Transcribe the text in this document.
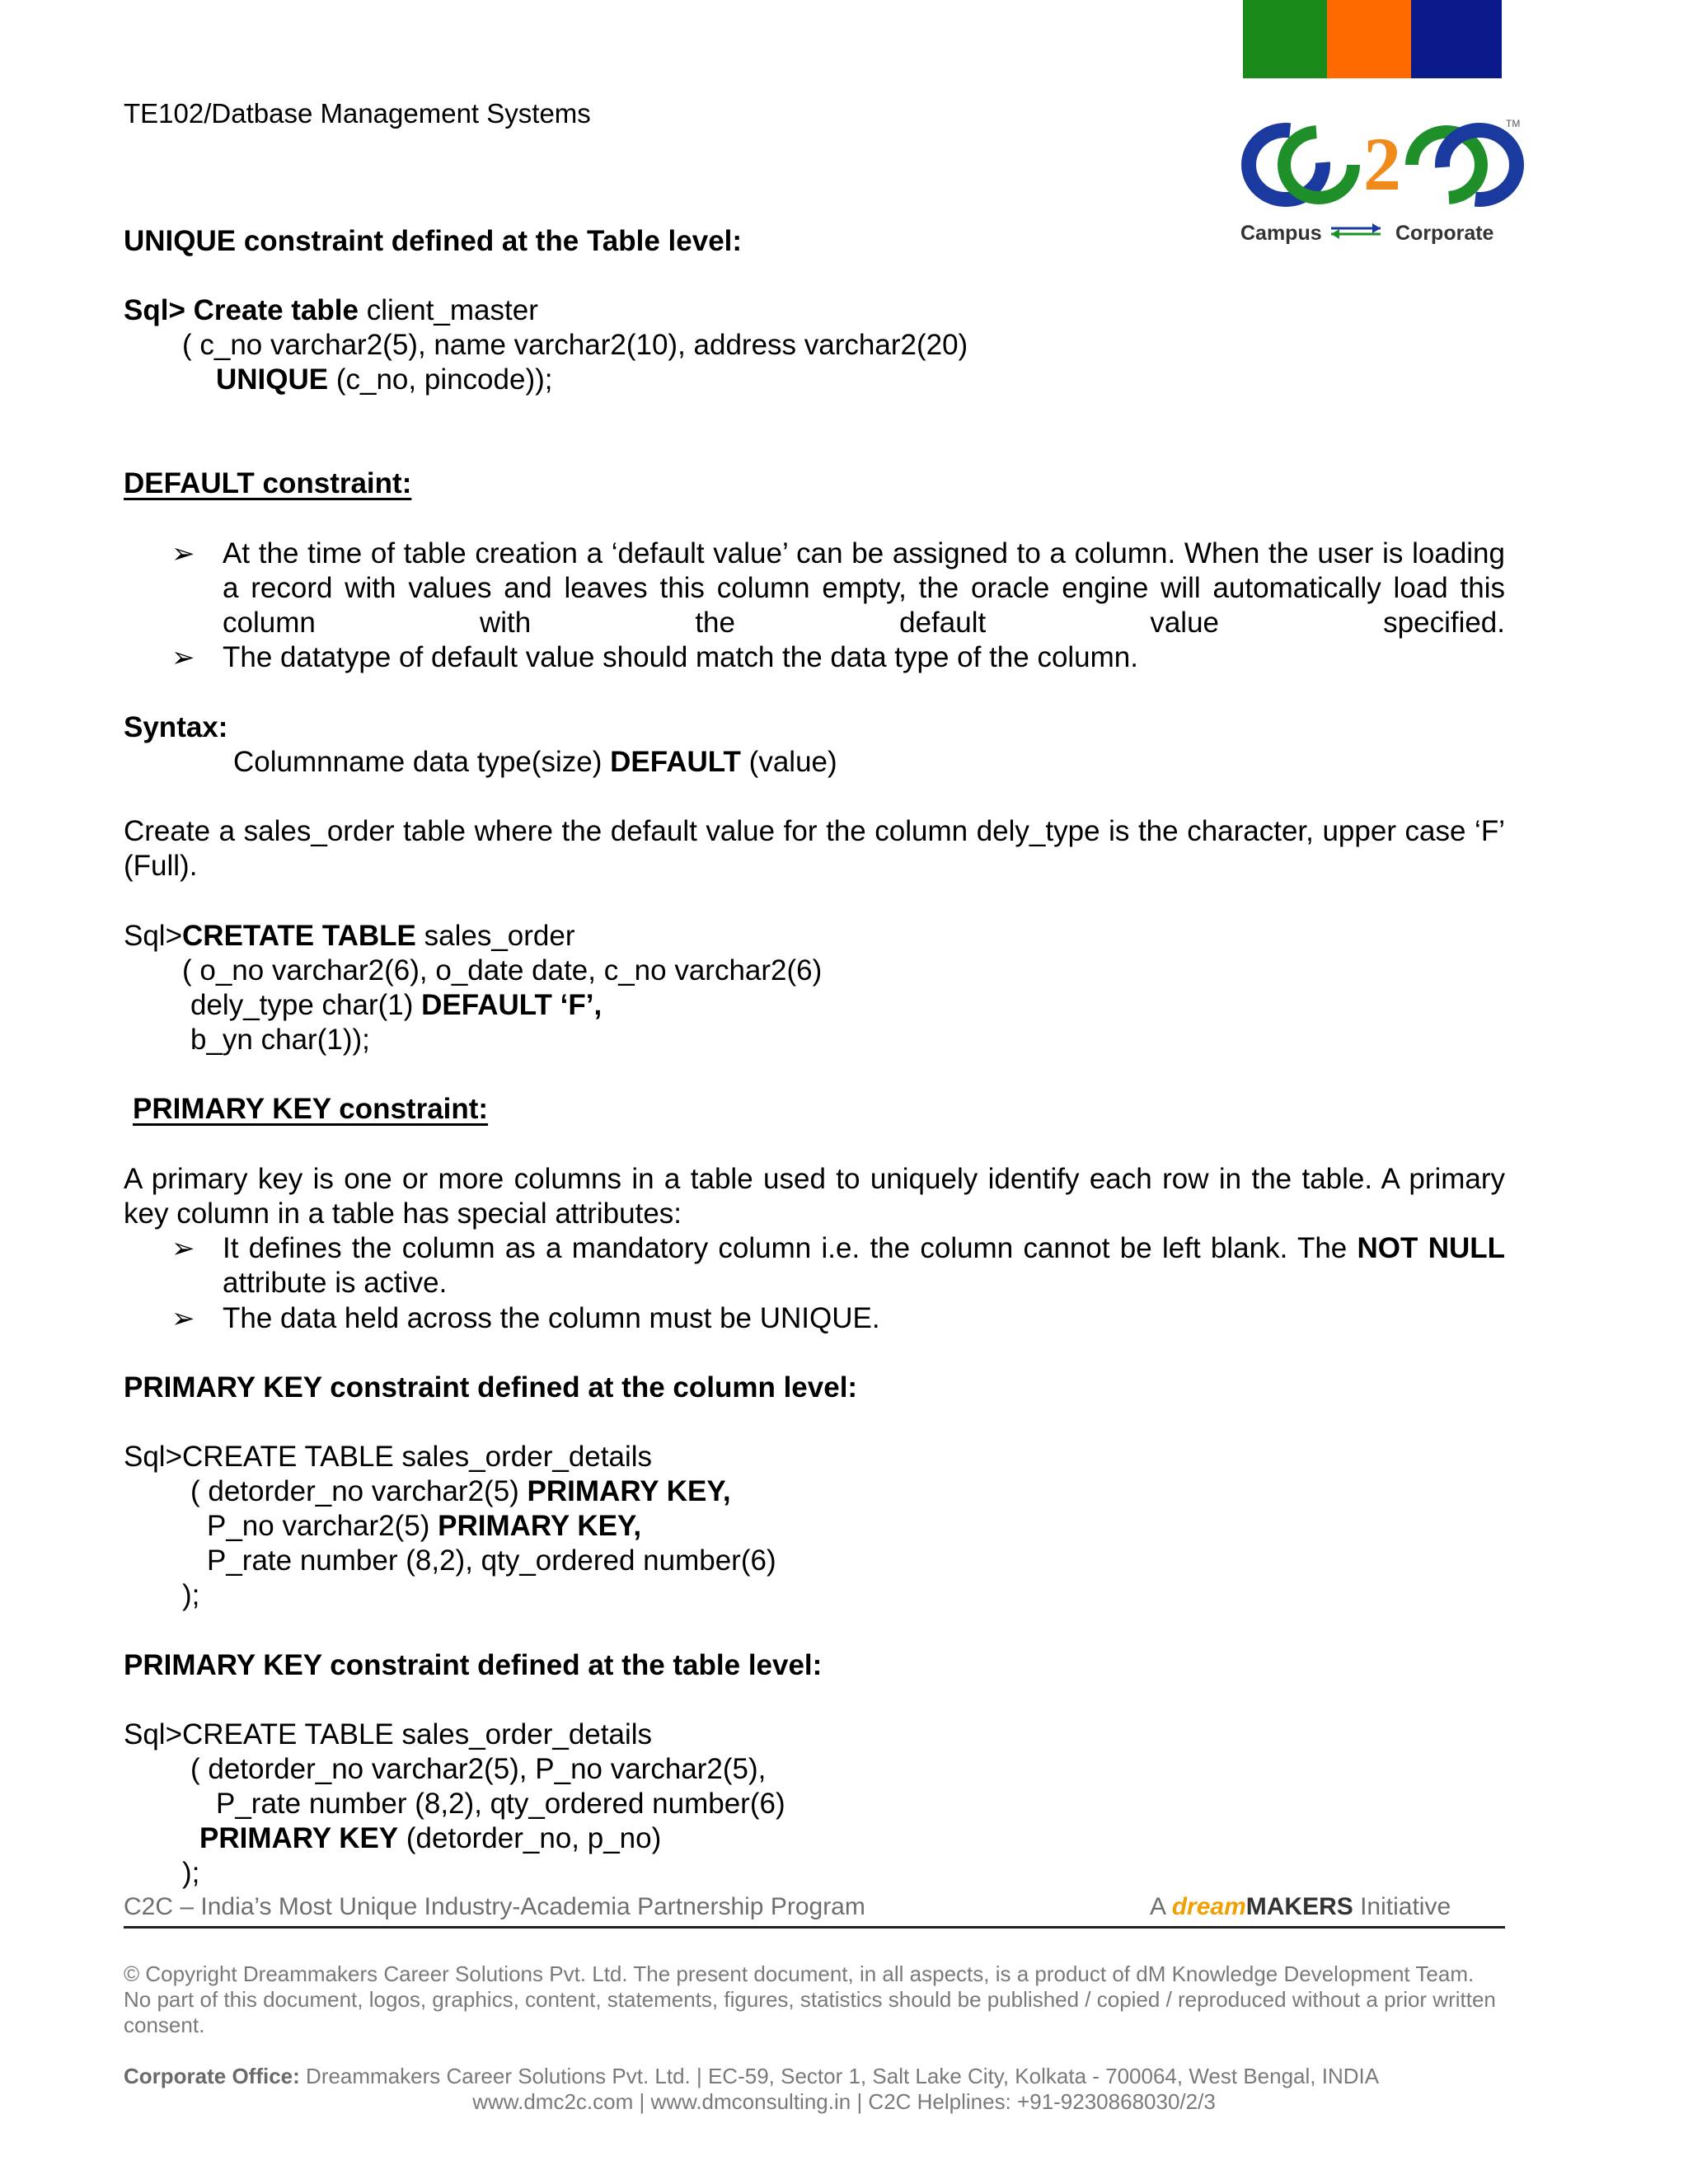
2	TM
Campus	Corporate
TE102/Datbase Management Systems
UNIQUE constraint defined at the Table level:
Sql> Create table client_master
( c_no varchar2(5), name varchar2(10), address varchar2(20)
UNIQUE (c_no, pincode));
DEFAULT constraint:
➢ At the time of table creation a ‘default value’ can be assigned to a column. When the user is loading a record with values and leaves this column empty, the oracle engine will automatically load this column with the default value specified.
➢ The datatype of default value should match the data type of the column.
Syntax:
Columnname data type(size) DEFAULT (value)
Create a sales_order table where the default value for the column dely_type is the character, upper case ‘F’ (Full).
Sql>CRETATE TABLE sales_order
( o_no varchar2(6), o_date date, c_no varchar2(6)
dely_type char(1) DEFAULT ‘F’,
b_yn char(1));
PRIMARY KEY constraint:
A primary key is one or more columns in a table used to uniquely identify each row in the table. A primary key column in a table has special attributes:
➢ It defines the column as a mandatory column i.e. the column cannot be left blank. The NOT NULL attribute is active.
➢ The data held across the column must be UNIQUE.
PRIMARY KEY constraint defined at the column level:
Sql>CREATE TABLE sales_order_details
( detorder_no varchar2(5) PRIMARY KEY,
P_no varchar2(5) PRIMARY KEY,
P_rate number (8,2), qty_ordered number(6)
);
PRIMARY KEY constraint defined at the table level:
Sql>CREATE TABLE sales_order_details
( detorder_no varchar2(5), P_no varchar2(5),
P_rate number (8,2), qty_ordered number(6)
PRIMARY KEY (detorder_no, p_no)
);
C2C – India’s Most Unique Industry-Academia Partnership Program	A dreamMAKERS Initiative
© Copyright Dreammakers Career Solutions Pvt. Ltd. The present document, in all aspects, is a product of dM Knowledge Development Team. No part of this document, logos, graphics, content, statements, figures, statistics should be published / copied / reproduced without a prior written consent.
Corporate Office: Dreammakers Career Solutions Pvt. Ltd. | EC-59, Sector 1, Salt Lake City, Kolkata - 700064, West Bengal, INDIA
www.dmc2c.com | www.dmconsulting.in | C2C Helplines: +91-9230868030/2/3
